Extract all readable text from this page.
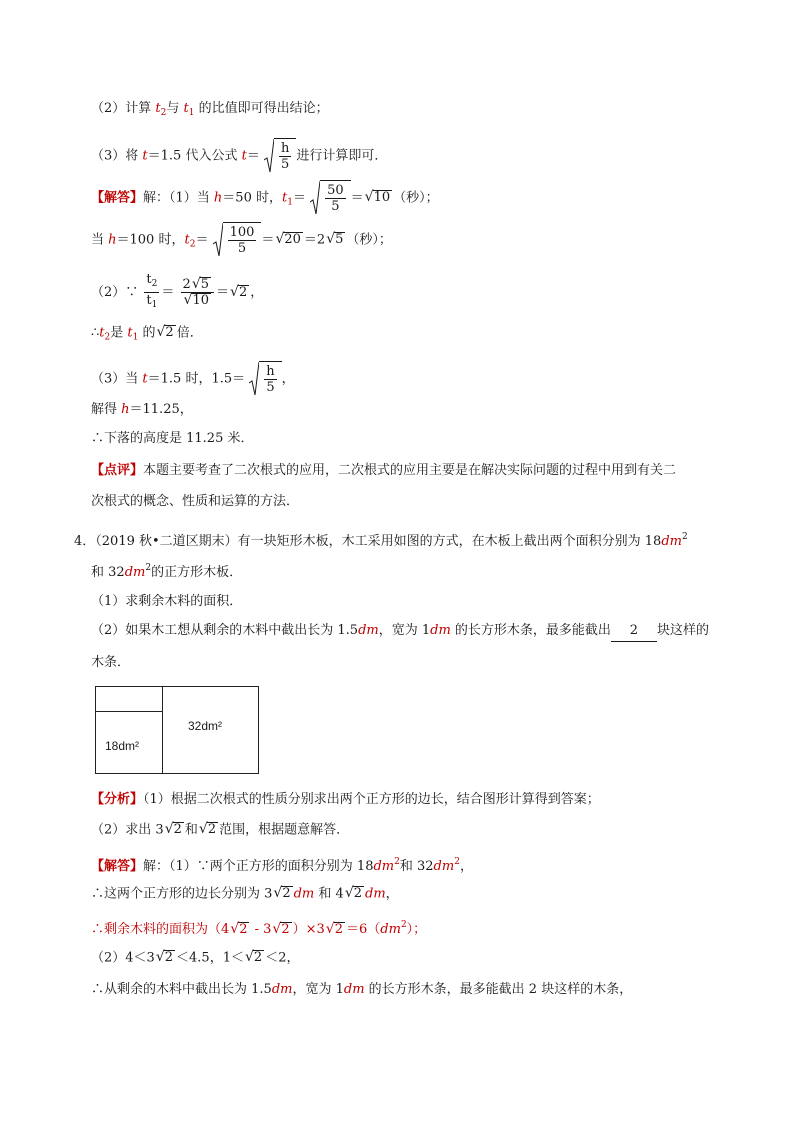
（2）计算 $t_2$与 $t_1$ 的比值即可得出结论；
（3）将 t＝1.5 代入公式 $t= \frac{h}{5}$ 进行计算即可．
【解答】解：（1）当 h＝50 时，$t_1= \frac{50}{5} =√10$ （秒）；
当 h＝100 时，$t_2= \frac{100}{5} =√20 =2√5$ （秒）；
（2）∵ $\frac{t_2}{t_1} = \frac{2√5}{√10} =√2$ ，
$\therefore t_2$是 $t_1$ 的√2 倍．
（3）当 t＝1.5 时，$1.5= \frac{h}{5}$ ，
解得 h＝11.25，
∴下落的高度是 11.25 米．
【点评】本题主要考查了二次根式的应用，二次根式的应用主要是在解决实际问题的过程中用到有关二
次根式的概念、性质和运算的方法．
4．（2019 秋•二道区期末）有一块矩形木板，木工采用如图的方式，在木板上截出两个面积分别为 $18dm^2$
和 $32dm^2$的正方形木板．
（1）求剩余木料的面积．
（2）如果木工想从剩余的木料中截出长为 1.5dm，宽为 1dm 的长方形木条，最多能截出 2 块这样的
木条．
18dm²
32dm²
【分析】（1）根据二次根式的性质分别求出两个正方形的边长，结合图形计算得到答案；
（2）求出 3√2 和√2 范围，根据题意解答．
【解答】解：（1）∵两个正方形的面积分别为 $18dm^2$和 $32dm^2$，
∴这两个正方形的边长分别为 3√2 dm 和 4√2 dm，
∴剩余木料的面积为（4√2 - 3√2 ）$\times 3√2 =6(dm^2)$；
（2）4＜3√2 ＜4.5，1＜√2 ＜2，
∴从剩余的木料中截出长为 1.5dm，宽为 1dm 的长方形木条，最多能截出 2 块这样的木条，
